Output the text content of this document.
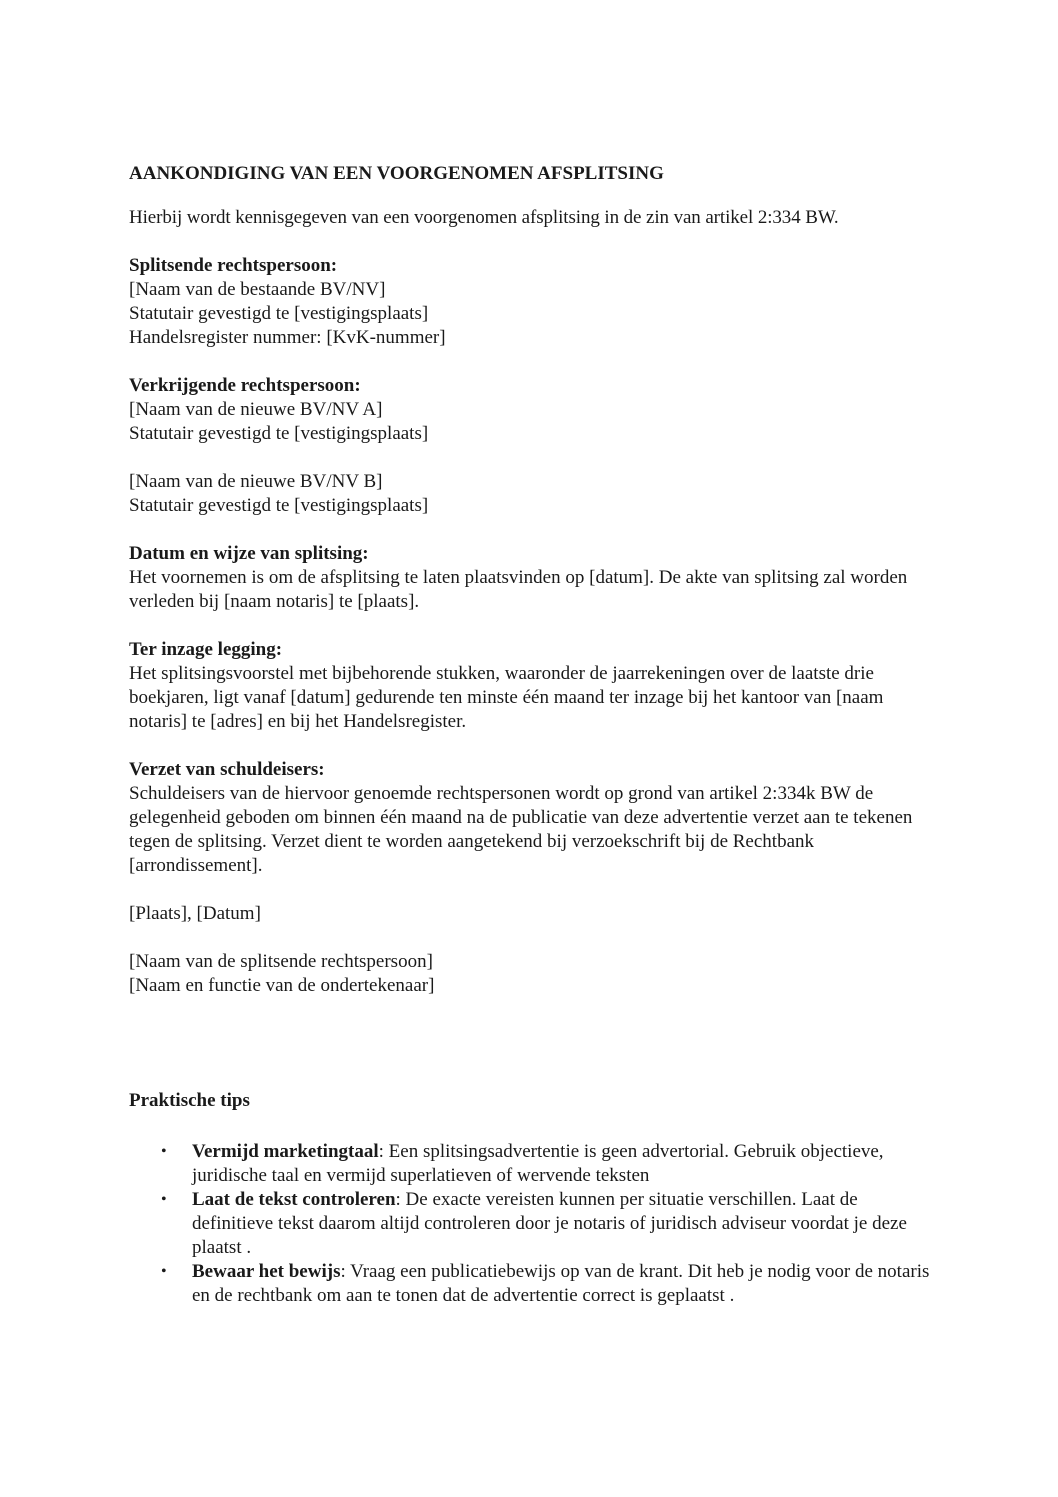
AANKONDIGING VAN EEN VOORGENOMEN AFSPLITSING
Hierbij wordt kennisgegeven van een voorgenomen afsplitsing in de zin van artikel 2:334 BW.
Splitsende rechtspersoon:
[Naam van de bestaande BV/NV]
Statutair gevestigd te [vestigingsplaats]
Handelsregister nummer: [KvK-nummer]
Verkrijgende rechtspersoon:
[Naam van de nieuwe BV/NV A]
Statutair gevestigd te [vestigingsplaats]
[Naam van de nieuwe BV/NV B]
Statutair gevestigd te [vestigingsplaats]
Datum en wijze van splitsing:
Het voornemen is om de afsplitsing te laten plaatsvinden op [datum]. De akte van splitsing zal worden verleden bij [naam notaris] te [plaats].
Ter inzage legging:
Het splitsingsvoorstel met bijbehorende stukken, waaronder de jaarrekeningen over de laatste drie boekjaren, ligt vanaf [datum] gedurende ten minste één maand ter inzage bij het kantoor van [naam notaris] te [adres] en bij het Handelsregister.
Verzet van schuldeisers:
Schuldeisers van de hiervoor genoemde rechtspersonen wordt op grond van artikel 2:334k BW de gelegenheid geboden om binnen één maand na de publicatie van deze advertentie verzet aan te tekenen tegen de splitsing. Verzet dient te worden aangetekend bij verzoekschrift bij de Rechtbank [arrondissement].
[Plaats], [Datum]
[Naam van de splitsende rechtspersoon]
[Naam en functie van de ondertekenaar]
Praktische tips
• Vermijd marketingtaal: Een splitsingsadvertentie is geen advertorial. Gebruik objectieve, juridische taal en vermijd superlatieven of wervende teksten
• Laat de tekst controleren: De exacte vereisten kunnen per situatie verschillen. Laat de definitieve tekst daarom altijd controleren door je notaris of juridisch adviseur voordat je deze plaatst .
• Bewaar het bewijs: Vraag een publicatiebewijs op van de krant. Dit heb je nodig voor de notaris en de rechtbank om aan te tonen dat de advertentie correct is geplaatst .
